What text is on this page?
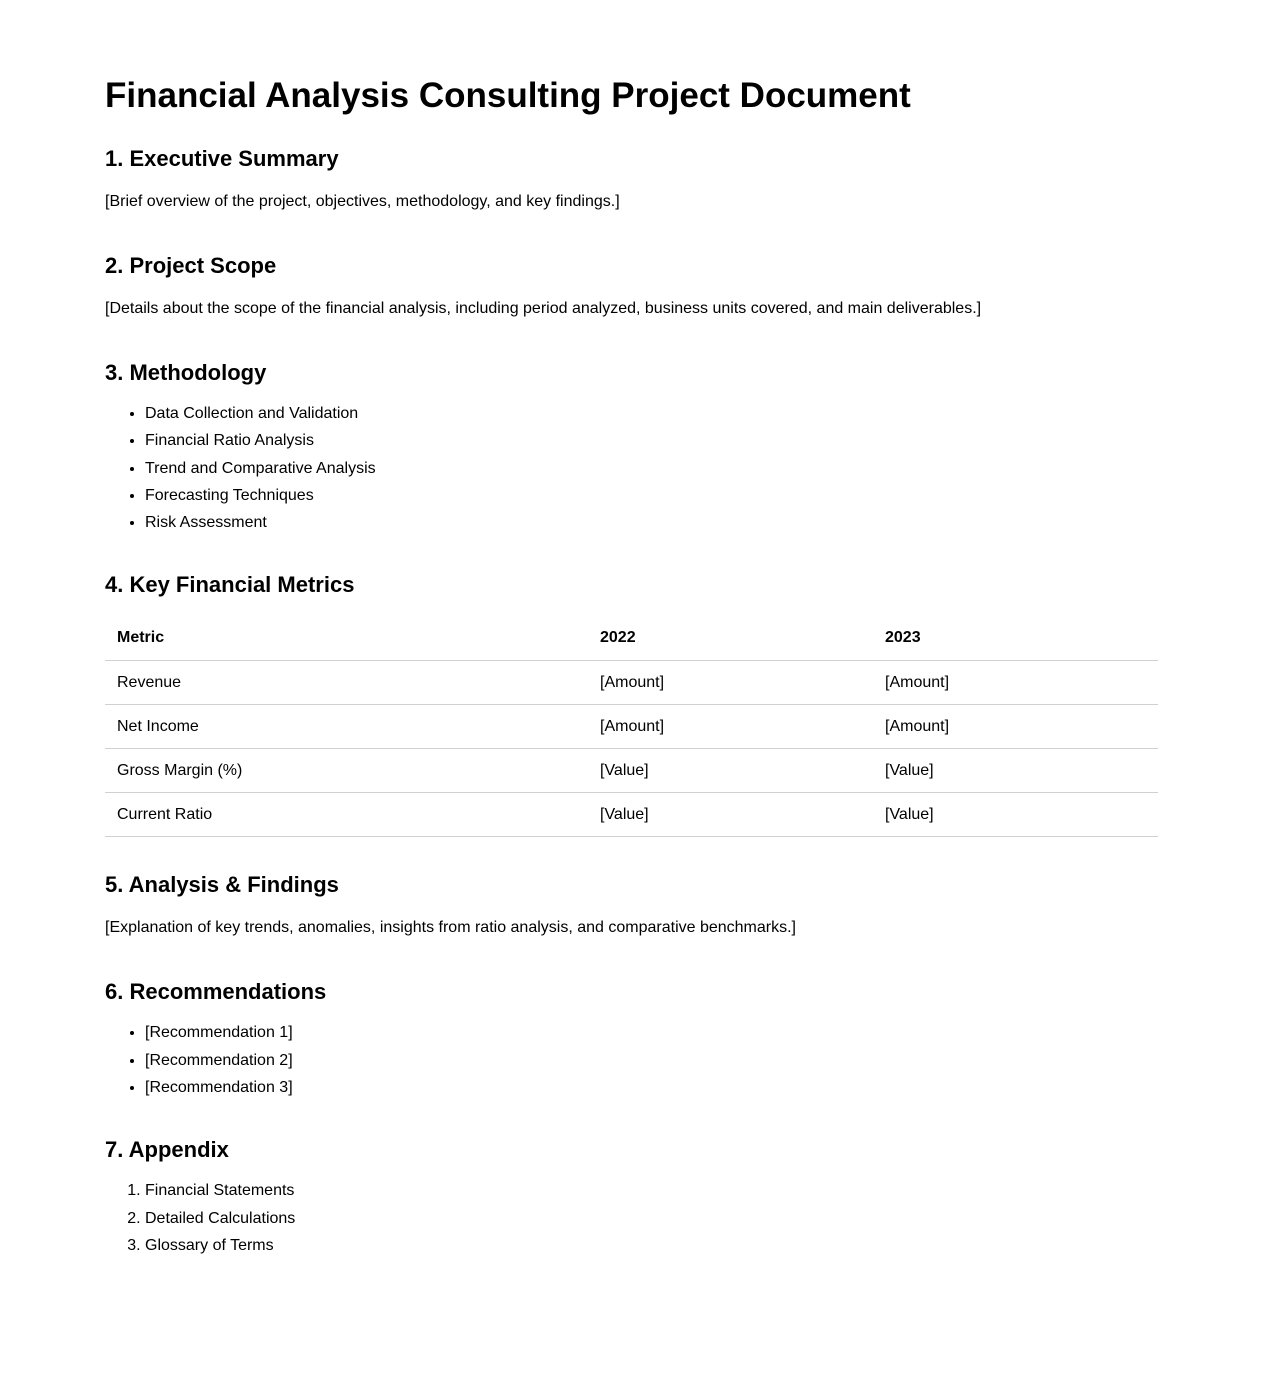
Financial Analysis Consulting Project Document
1. Executive Summary

[Brief overview of the project, objectives, methodology, and key findings.]

2. Project Scope

[Details about the scope of the financial analysis, including period analyzed, business units covered, and main deliverables.]

3. Methodology
• Data Collection and Validation
• Financial Ratio Analysis
• Trend and Comparative Analysis
• Forecasting Techniques
• Risk Assessment
4. Key Financial Metrics
Metric	2022	2023
Revenue	[Amount]	[Amount]
Net Income	[Amount]	[Amount]
Gross Margin (%)	[Value]	[Value]
Current Ratio	[Value]	[Value]
5. Analysis & Findings

[Explanation of key trends, anomalies, insights from ratio analysis, and comparative benchmarks.]

6. Recommendations
• [Recommendation 1]
• [Recommendation 2]
• [Recommendation 3]
7. Appendix
1. Financial Statements
2. Detailed Calculations
3. Glossary of Terms
